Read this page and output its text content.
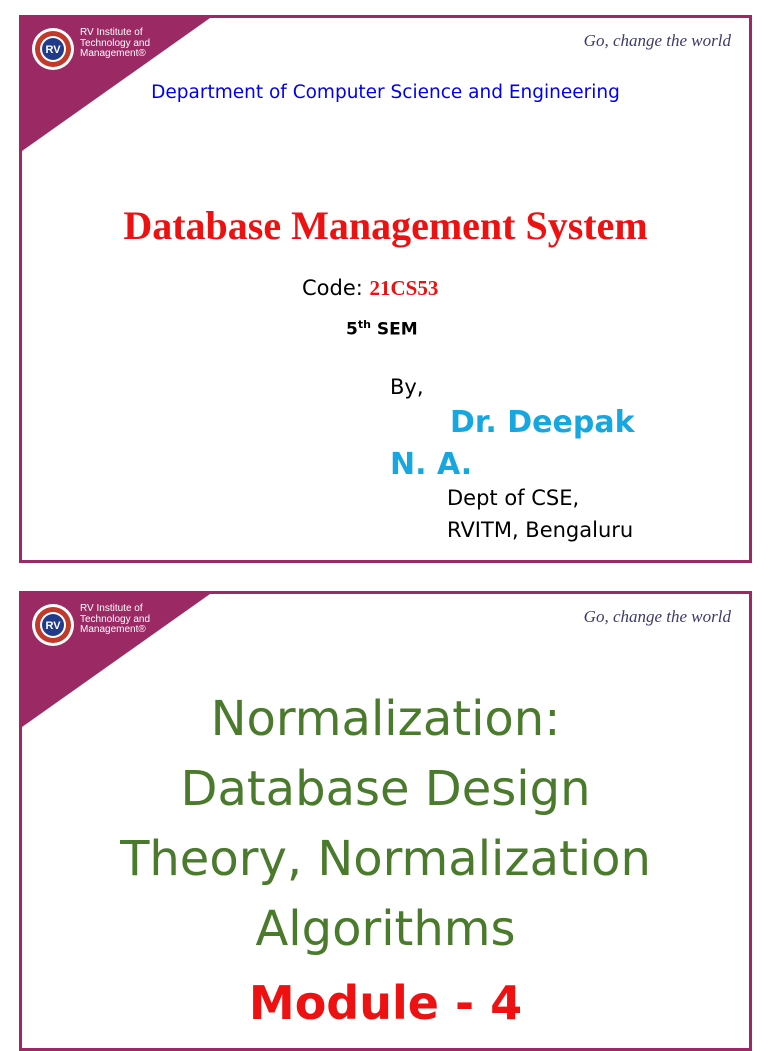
RV
RV Institute of
Technology and
Management®
Go, change the world
Department of Computer Science and Engineering
Database Management System
Code: 21CS53
5th SEM
By,
Dr. Deepak
N. A.
Dept of CSE,
RVITM, Bengaluru
RV
RV Institute of
Technology and
Management®
Go, change the world
Normalization:
Database Design
Theory, Normalization
Algorithms
Module - 4
